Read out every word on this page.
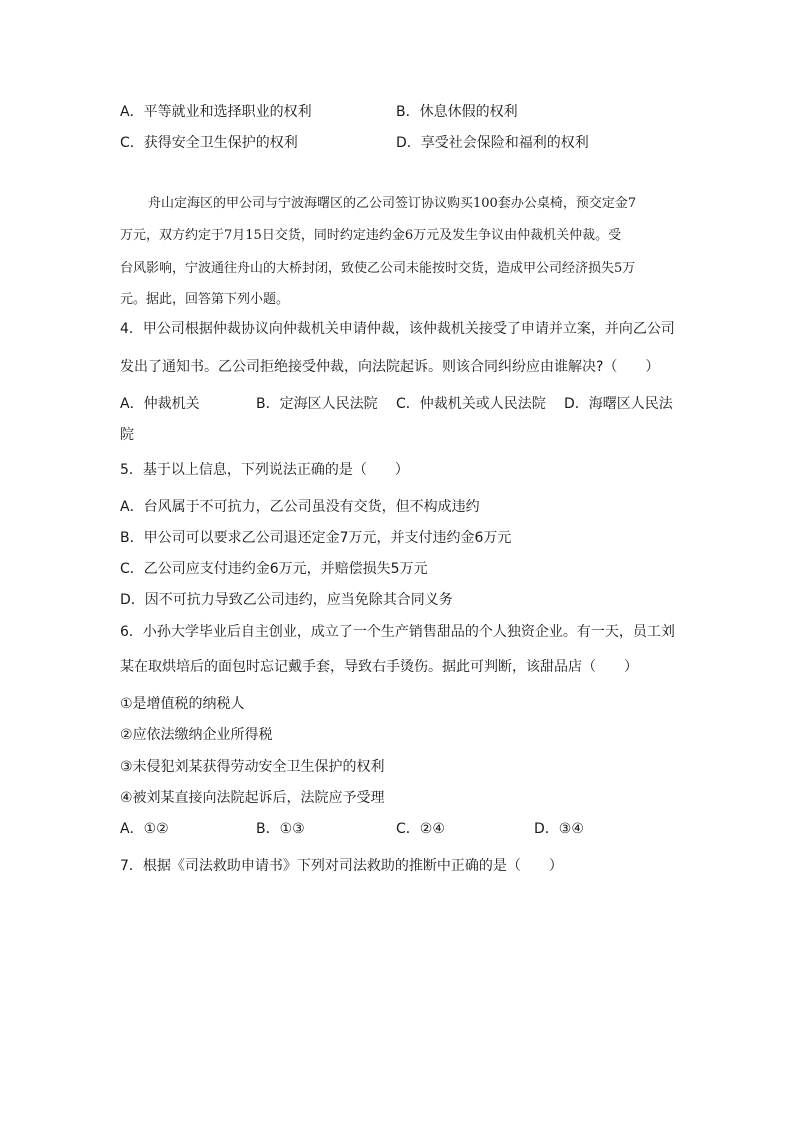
A．平等就业和选择职业的权利	B．休息休假的权利
C．获得安全卫生保护的权利	D．享受社会保险和福利的权利
舟山定海区的甲公司与宁波海曙区的乙公司签订协议购买100套办公桌椅，预交定金7
万元，双方约定于7月15日交货，同时约定违约金6万元及发生争议由仲裁机关仲裁。受
台风影响，宁波通往舟山的大桥封闭，致使乙公司未能按时交货，造成甲公司经济损失5万
元。据此，回答第下列小题。
4．甲公司根据仲裁协议向仲裁机关申请仲裁，该仲裁机关接受了申请并立案，并向乙公司
发出了通知书。乙公司拒绝接受仲裁，向法院起诉。则该合同纠纷应由谁解决?（　　）
A．仲裁机关	B．定海区人民法院 C．仲裁机关或人民法院 D．海曙区人民法
院
5．基于以上信息，下列说法正确的是（　　）
A．台风属于不可抗力，乙公司虽没有交货，但不构成违约
B．甲公司可以要求乙公司退还定金7万元，并支付违约金6万元
C．乙公司应支付违约金6万元，并赔偿损失5万元
D．因不可抗力导致乙公司违约，应当免除其合同义务
6．小孙大学毕业后自主创业，成立了一个生产销售甜品的个人独资企业。有一天，员工刘
某在取烘培后的面包时忘记戴手套，导致右手烫伤。据此可判断，该甜品店（　　）
①是增值税的纳税人
②应依法缴纳企业所得税
③未侵犯刘某获得劳动安全卫生保护的权利
④被刘某直接向法院起诉后，法院应予受理
A．①②	B．①③	C．②④	D．③④
7．根据《司法救助申请书》下列对司法救助的推断中正确的是（　　）
